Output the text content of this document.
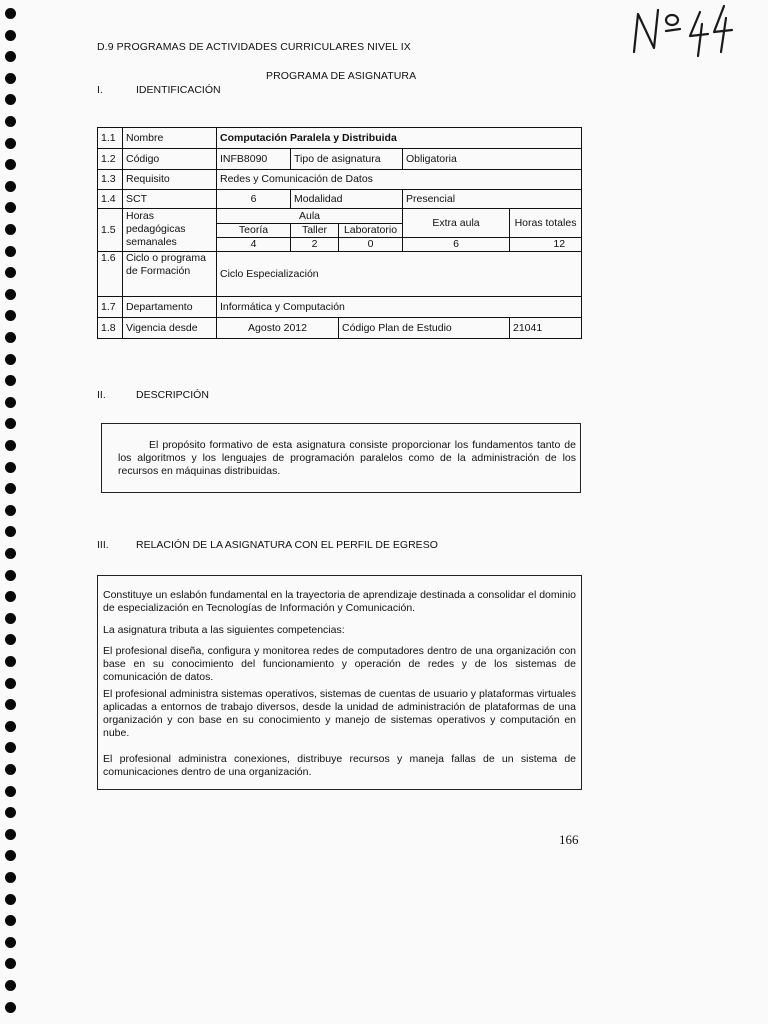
D.9 PROGRAMAS DE ACTIVIDADES CURRICULARES NIVEL IX
PROGRAMA DE ASIGNATURA
I.	IDENTIFICACIÓN
1.1	Nombre	Computación Paralela y Distribuida				
1.2	Código	INFB8090	Tipo de asignatura		Obligatoria	
1.3	Requisito	Redes y Comunicación de Datos				
1.4	SCT	6	Modalidad		Presencial	
1.5	Horas pedagógicas semanales	Aula			Extra aula	Horas totales
		Teoría	Taller	Laboratorio		
		4	2	0	6	12
1.6	Ciclo o programa de Formación	Ciclo Especialización				
1.7	Departamento	Informática y Computación				
1.8	Vigencia desde	Agosto 2012		Código Plan de Estudio		21041
II.	DESCRIPCIÓN
El propósito formativo de esta asignatura consiste proporcionar los fundamentos tanto de los algoritmos y los lenguajes de programación paralelos como de la administración de los recursos en máquinas distribuidas.
III.	RELACIÓN DE LA ASIGNATURA CON EL PERFIL DE EGRESO
Constituye un eslabón fundamental en la trayectoria de aprendizaje destinada a consolidar el dominio de especialización en Tecnologías de Información y Comunicación.
La asignatura tributa a las siguientes competencias:
El profesional diseña, configura y monitorea redes de computadores dentro de una organización con base en su conocimiento del funcionamiento y operación de redes y de los sistemas de comunicación de datos.
El profesional administra sistemas operativos, sistemas de cuentas de usuario y plataformas virtuales aplicadas a entornos de trabajo diversos, desde la unidad de administración de plataformas de una organización y con base en su conocimiento y manejo de sistemas operativos y computación en nube.
El profesional administra conexiones, distribuye recursos y maneja fallas de un sistema de comunicaciones dentro de una organización.
166
